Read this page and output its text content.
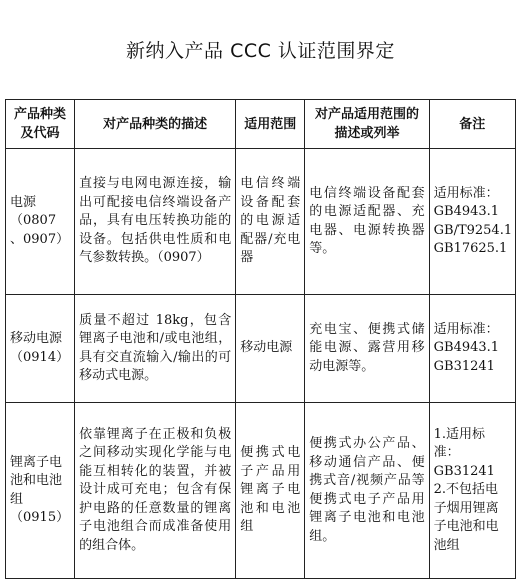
新纳入产品 CCC 认证范围界定
产品种类及代码	对产品种类的描述	适用范围	对产品适用范围的描述或列举	备注
电源
（0807 、0907）	直接与电网电源连接，输出可配接电信终端设备产品，具有电压转换功能的设备。包括供电性质和电气参数转换。（0907）	电信终端设备配套的电源适配器/充电器	电信终端设备配套的电源适配器、充电器、电源转换器等。	适用标准：
GB4943.1
GB/T9254.1
GB17625.1

移动电源
（0914）	质量不超过 18kg，包含锂离子电池和/或电池组，具有交直流输入/输出的可移动式电源。	移动电源	充电宝、便携式储能电源、露营用移动电源等。	适用标准：
GB4943.1
GB31241

锂离子电池和电池组
（0915）	依靠锂离子在正极和负极之间移动实现化学能与电能互相转化的装置，并被设计成可充电；包含有保护电路的任意数量的锂离子电池组合而成准备使用的组合体。	便携式电子产品用锂离子电池和电池组	便携式办公产品、移动通信产品、便携式音/视频产品等便携式电子产品用锂离子电池和电池组。	1.适用标准：
GB31241
2.不包括电子烟用锂离子电池和电池组
